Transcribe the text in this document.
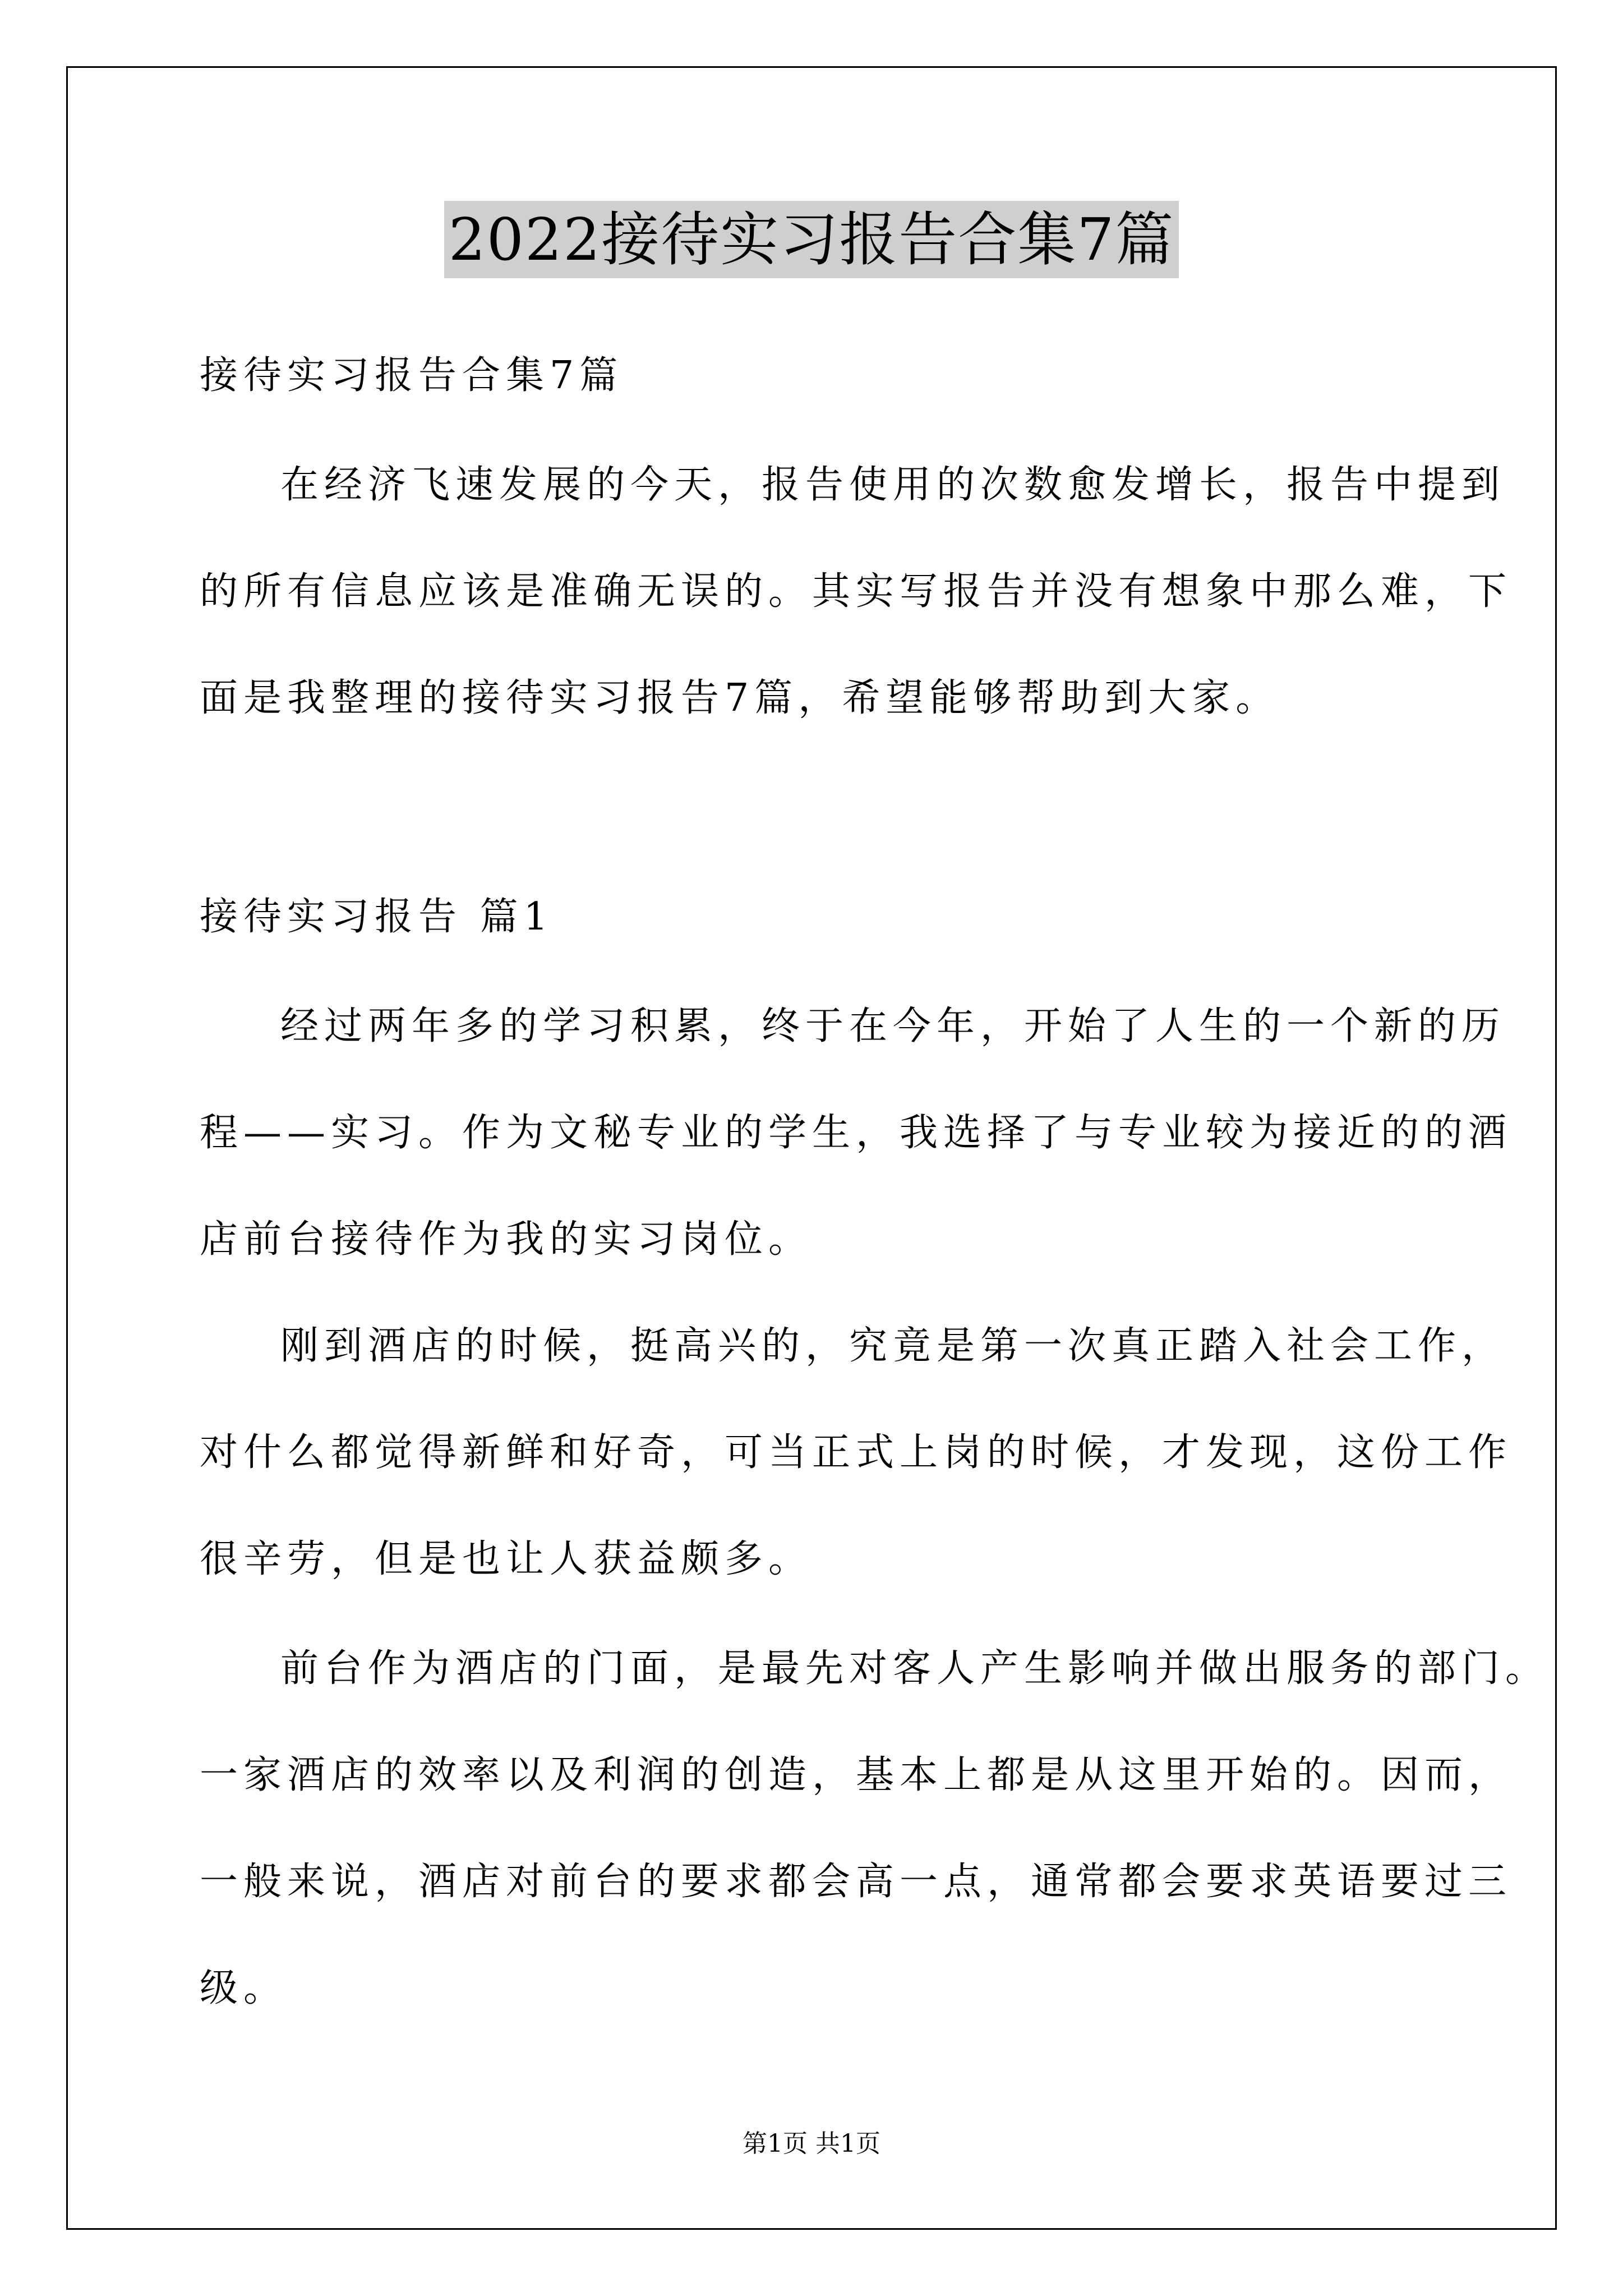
2022接待实习报告合集7篇
接待实习报告合集7篇
在经济飞速发展的今天，报告使用的次数愈发增长，报告中提到
的所有信息应该是准确无误的。其实写报告并没有想象中那么难，下
面是我整理的接待实习报告7篇，希望能够帮助到大家。
接待实习报告 篇1
经过两年多的学习积累，终于在今年，开始了人生的一个新的历
程——实习。作为文秘专业的学生，我选择了与专业较为接近的的酒
店前台接待作为我的实习岗位。
刚到酒店的时候，挺高兴的，究竟是第一次真正踏入社会工作，
对什么都觉得新鲜和好奇，可当正式上岗的时候，才发现，这份工作
很辛劳，但是也让人获益颇多。
前台作为酒店的门面，是最先对客人产生影响并做出服务的部门。
一家酒店的效率以及利润的创造，基本上都是从这里开始的。因而，
一般来说，酒店对前台的要求都会高一点，通常都会要求英语要过三
级。
第1页 共1页
